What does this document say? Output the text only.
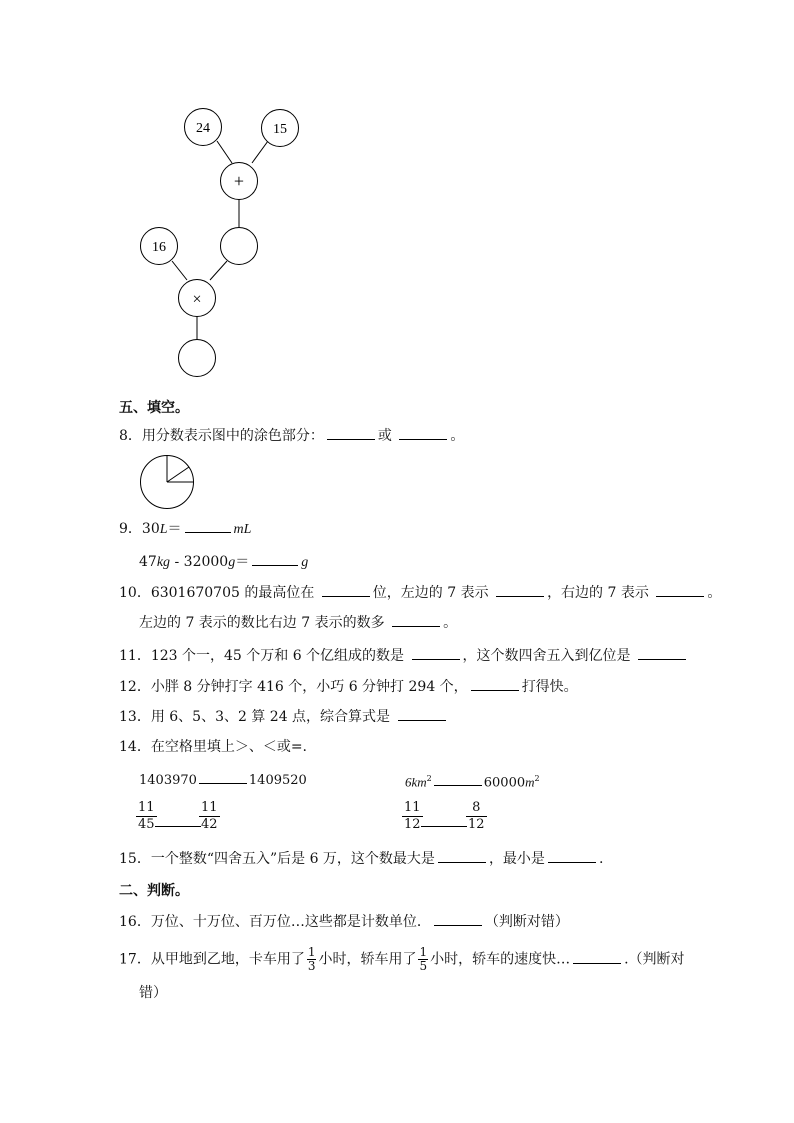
24	15
+
16
×
五、填空。
8．用分数表示图中的涂色部分：	或	。
9．30L＝	mL
47kg - 32000g＝	g
10．6301670705 的最高位在	位，左边的 7 表示	，右边的 7 表示	。
左边的 7 表示的数比右边 7 表示的数多	。
11．123 个一，45 个万和 6 个亿组成的数是	，这个数四舍五入到亿位是
12．小胖 8 分钟打字 416 个，小巧 6 分钟打 294 个，	打得快。
13．用 6、5、3、2 算 24 点，综合算式是
14．在空格里填上＞、＜或=.
1403970	1409520	$6km^2$	$60000m^2$
$\frac{11}{45}$	$\frac{11}{42}$	$\frac{11}{12}$	$\frac{8}{12}$
15．一个整数“四舍五入”后是 6 万，这个数最大是	，最小是	.
二、判断。
16．万位、十万位、百万位…这些都是计数单位．	（判断对错）
17．从甲地到乙地，卡车用了 $\frac{1}{3}$ 小时，轿车用了 $\frac{1}{5}$ 小时，轿车的速度快…	.（判断对
错）
